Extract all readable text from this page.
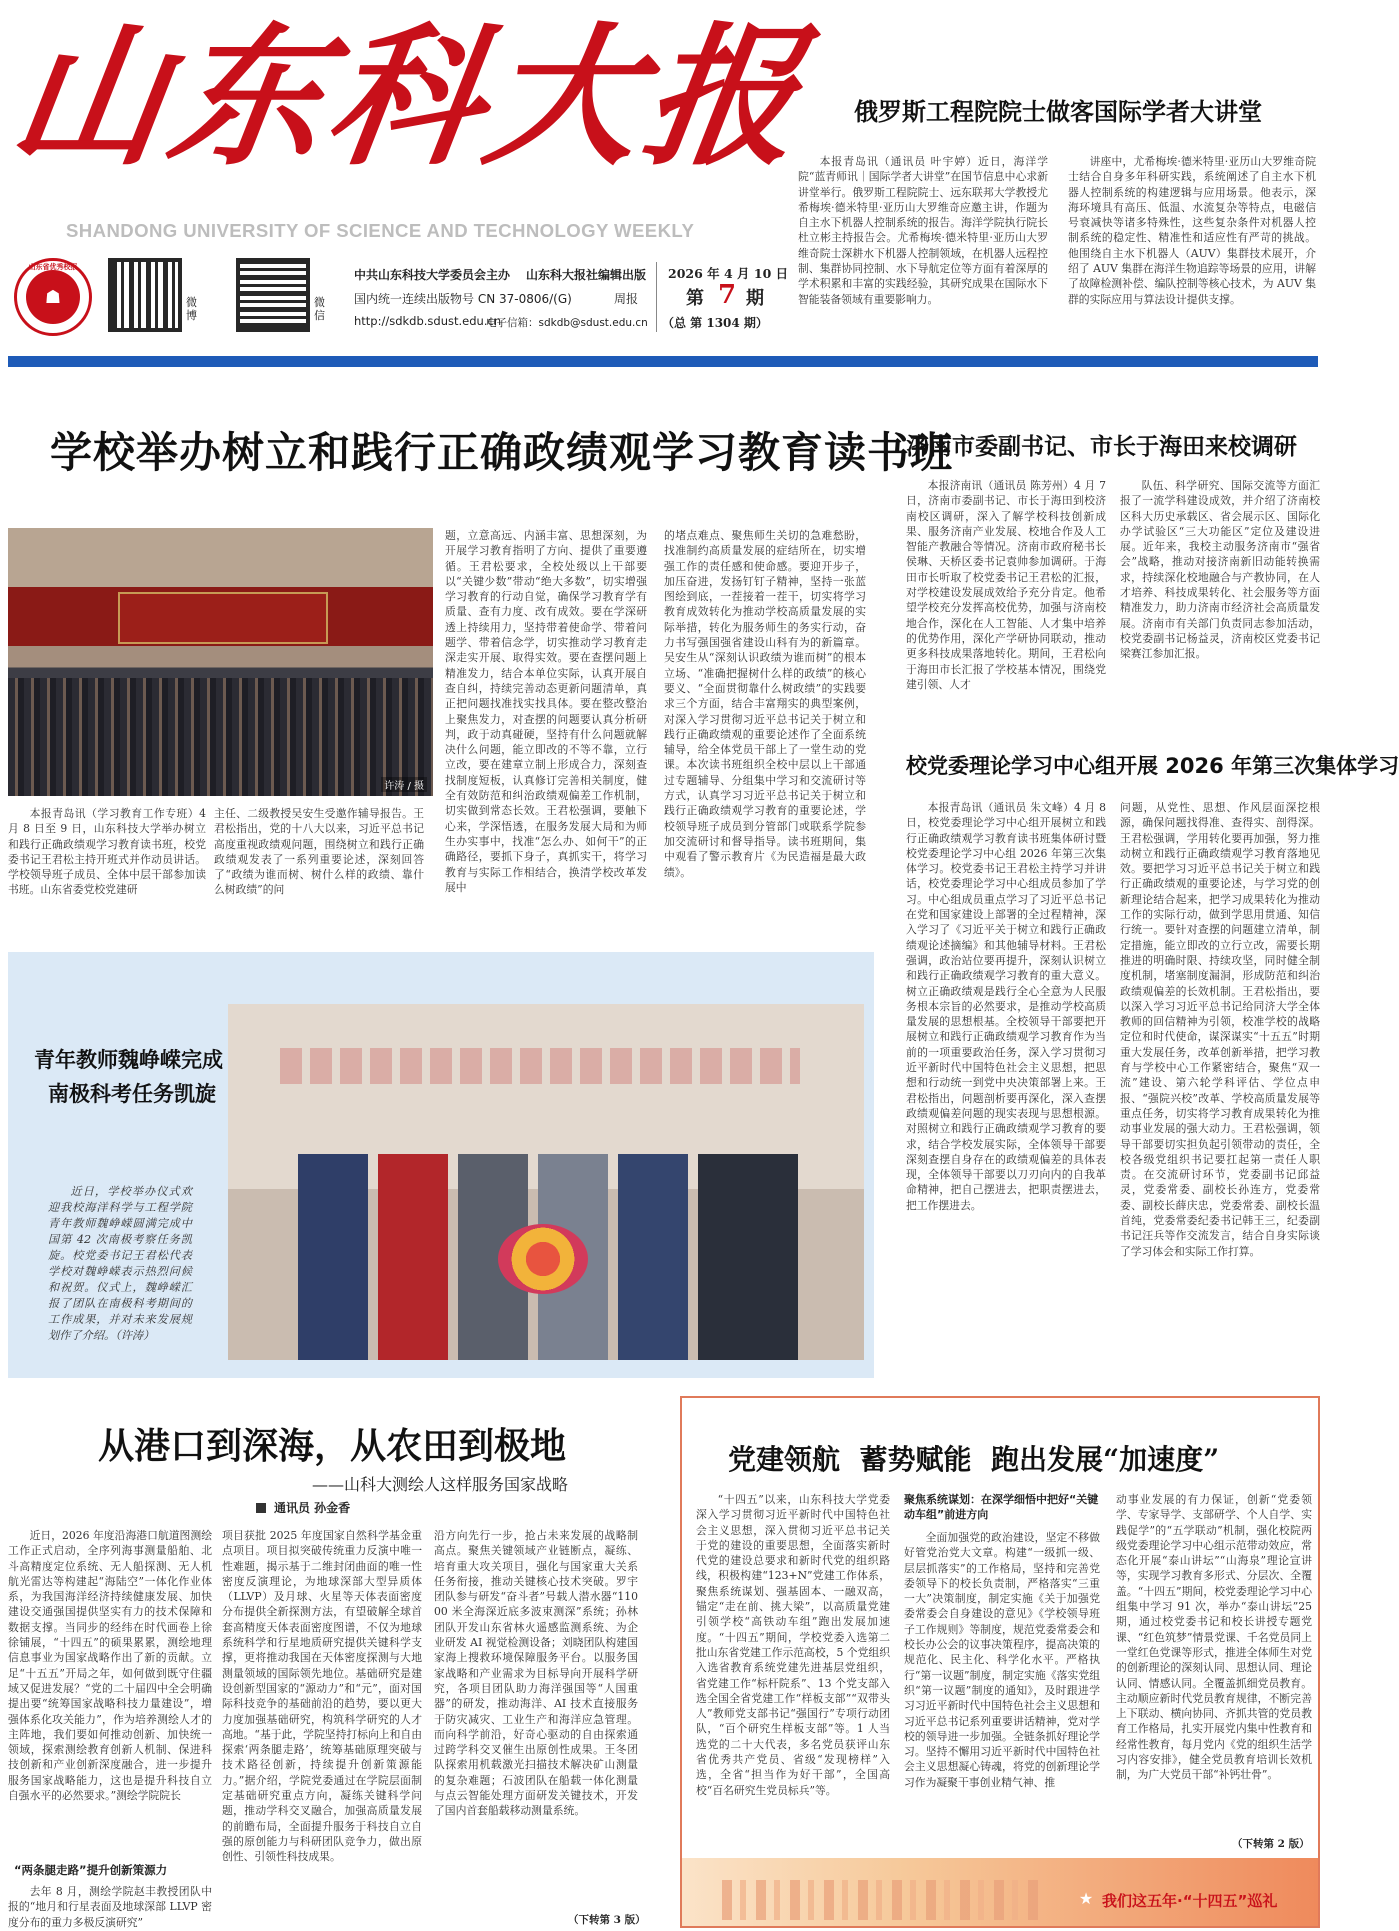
山东科大报
SHANDONG UNIVERSITY OF SCIENCE AND TECHNOLOGY WEEKLY
☗
山东省优秀校报
微博
微信
中共山东科技大学委员会主办 山东科大报社编辑出版
国内统一连续出版物号 CN 37-0806/(G)	周报
http://sdkdb.sdust.edu.cn
电子信箱：sdkdb@sdust.edu.cn
2026 年 4 月 10 日
第 7 期
（总 第 1304 期）
俄罗斯工程院院士做客国际学者大讲堂
本报青岛讯（通讯员 叶宇婷）近日，海洋学院“蓝青师讯｜国际学者大讲堂”在国节信息中心求新讲堂举行。俄罗斯工程院院士、远东联邦大学教授尤希梅埃·德米特里·亚历山大罗维奇应邀主讲，作题为自主水下机器人控制系统的报告。海洋学院执行院长杜立彬主持报告会。尤希梅埃·德米特里·亚历山大罗维奇院士深耕水下机器人控制领域，在机器人远程控制、集群协同控制、水下导航定位等方面有着深厚的学术积累和丰富的实践经验，其研究成果在国际水下智能装备领域有重要影响力。
讲座中，尤希梅埃·德米特里·亚历山大罗维奇院士结合自身多年科研实践，系统阐述了自主水下机器人控制系统的构建逻辑与应用场景。他表示，深海环境具有高压、低温、水流复杂等特点，电磁信号衰减快等诸多特殊性，这些复杂条件对机器人控制系统的稳定性、精准性和适应性有严苛的挑战。他围绕自主水下机器人（AUV）集群技术展开，介绍了 AUV 集群在海洋生物追踪等场景的应用，讲解了故障检测补偿、编队控制等核心技术，为 AUV 集群的实际应用与算法设计提供支撑。
学校举办树立和践行正确政绩观学习教育读书班
许涛 / 摄
本报青岛讯（学习教育工作专班）4 月 8 日至 9 日，山东科技大学举办树立和践行正确政绩观学习教育读书班，校党委书记王君松主持开班式并作动员讲话。学校领导班子成员、全体中层干部参加读书班。山东省委党校党建研
主任、二级教授吴安生受邀作辅导报告。王君松指出，党的十八大以来，习近平总书记高度重视政绩观问题，围绕树立和践行正确政绩观发表了一系列重要论述，深刻回答了“政绩为谁而树、树什么样的政绩、靠什么树政绩”的问
题，立意高远、内涵丰富、思想深刻，为开展学习教育指明了方向、提供了重要遵循。王君松要求，全校处级以上干部要以“关键少数”带动“绝大多数”，切实增强学习教育的行动自觉，确保学习教育学有质量、查有力度、改有成效。要在学深研透上持续用力，坚持带着使命学、带着问题学、带着信念学，切实推动学习教育走深走实开展、取得实效。要在查摆问题上精准发力，结合本单位实际，认真开展自查自纠，持续完善动态更新问题清单，真正把问题找准找实找具体。要在整改整治上聚焦发力，对查摆的问题要认真分析研判，政于动真碰硬，坚持有什么问题就解决什么问题，能立即改的不等不靠，立行立改，要在建章立制上形成合力，深刻查找制度短板，认真修订完善相关制度，健全有效防范和纠治政绩观偏差工作机制，切实做到常态长效。王君松强调，要触下心来，学深悟透，在服务发展大局和为师生办实事中，找准“怎么办、如何干”的正确路径，要抓下身子，真抓实干，将学习教育与实际工作相结合，换清学校改革发展中
的堵点难点、聚焦师生关切的急难愁盼，找准制约高质量发展的症结所在，切实增强工作的责任感和使命感。要迎开步子，加压奋进，发扬钉钉子精神，坚持一张蓝图绘到底，一茬接着一茬干，切实将学习教育成效转化为推动学校高质量发展的实际举措，转化为服务师生的务实行动，奋力书写强国强省建设山科有为的新篇章。吴安生从“深刻认识政绩为谁而树”的根本立场、“准确把握树什么样的政绩”的核心要义、“全面贯彻靠什么树政绩”的实践要求三个方面，结合丰富翔实的典型案例，对深入学习贯彻习近平总书记关于树立和践行正确政绩观的重要论述作了全面系统辅导，给全体党员干部上了一堂生动的党课。本次读书班组织全校中层以上干部通过专题辅导、分组集中学习和交流研讨等方式，认真学习习近平总书记关于树立和践行正确政绩观学习教育的重要论述，学校领导班子成员到分管部门或联系学院参加交流研讨和督导指导。读书班期间，集中观看了警示教育片《为民造福是最大政绩》。
济南市委副书记、市长于海田来校调研
本报济南讯（通讯员 陈芳州）4 月 7 日，济南市委副书记、市长于海田到校济南校区调研，深入了解学校科技创新成果、服务济南产业发展、校地合作及人工智能产教融合等情况。济南市政府秘书长侯琳、天桥区委书记袁帅参加调研。于海田市长听取了校党委书记王君松的汇报，对学校建设发展成效给予充分肯定。他希望学校充分发挥高校优势，加强与济南校地合作，深化在人工智能、人才集中培养的优势作用，深化产学研协同联动，推动更多科技成果落地转化。期间，王君松向于海田市长汇报了学校基本情况，围绕党建引领、人才
队伍、科学研究、国际交流等方面汇报了一流学科建设成效，并介绍了济南校区科大历史承载区、省会展示区、国际化办学试验区“三大功能区”定位及建设进展。近年来，我校主动服务济南市“强省会”战略，推动对接济南新旧动能转换需求，持续深化校地融合与产教协同，在人才培养、科技成果转化、社会服务等方面精准发力，助力济南市经济社会高质量发展。济南市有关部门负责同志参加活动，校党委副书记杨益灵，济南校区党委书记梁赛江参加汇报。
校党委理论学习中心组开展 2026 年第三次集体学习
本报青岛讯（通讯员 朱文峰）4 月 8 日，校党委理论学习中心组开展树立和践行正确政绩观学习教育读书班集体研讨暨校党委理论学习中心组 2026 年第三次集体学习。校党委书记王君松主持学习并讲话，校党委理论学习中心组成员参加了学习。中心组成员重点学习了习近平总书记在党和国家建设上部署的全过程精神，深入学习了《习近平关于树立和践行正确政绩观论述摘编》和其他辅导材料。王君松强调，政治站位要再提升，深刻认识树立和践行正确政绩观学习教育的重大意义。树立正确政绩观是践行全心全意为人民服务根本宗旨的必然要求，是推动学校高质量发展的思想根基。全校领导干部要把开展树立和践行正确政绩观学习教育作为当前的一项重要政治任务，深入学习贯彻习近平新时代中国特色社会主义思想，把思想和行动统一到党中央决策部署上来。王君松指出，问题剖析要再深化，深入查摆政绩观偏差问题的现实表现与思想根源。对照树立和践行正确政绩观学习教育的要求，结合学校发展实际，全体领导干部要深刻查摆自身存在的政绩观偏差的具体表现，全体领导干部要以刀刃向内的自我革命精神，把自己摆进去，把职责摆进去，把工作摆进去。
问题，从党性、思想、作风层面深挖根源，确保问题找得准、查得实、剖得深。王君松强调，学用转化要再加强，努力推动树立和践行正确政绩观学习教育落地见效。要把学习习近平总书记关于树立和践行正确政绩观的重要论述，与学习党的创新理论结合起来，把学习成果转化为推动工作的实际行动，做到学思用贯通、知信行统一。要针对查摆的问题建立清单，制定措施，能立即改的立行立改，需要长期推进的明确时限、持续攻坚，同时健全制度机制，堵塞制度漏洞，形成防范和纠治政绩观偏差的长效机制。王君松指出，要以深入学习习近平总书记给同济大学全体教师的回信精神为引领，校准学校的战略定位和时代使命，谋深谋实“十五五”时期重大发展任务，改革创新举措，把学习教育与学校中心工作紧密结合，聚焦“双一流”建设、第六轮学科评估、学位点申报、“强院兴校”改革、学校高质量发展等重点任务，切实将学习教育成果转化为推动事业发展的强大动力。王君松强调，领导干部要切实担负起引领带动的责任，全校各级党组织书记要扛起第一责任人职责。在交流研讨环节，党委副书记邱益灵，党委常委、副校长孙连方，党委常委、副校长薛庆忠，党委常委、副校长温首纯，党委常委纪委书记韩王三，纪委副书记汪兵等作交流发言，结合自身实际谈了学习体会和实际工作打算。
青年教师魏峥嵘完成
南极科考任务凯旋
近日，学校举办仪式欢迎我校海洋科学与工程学院青年教师魏峥嵘圆满完成中国第 42 次南极考察任务凯旋。校党委书记王君松代表学校对魏峥嵘表示热烈问候和祝贺。仪式上，魏峥嵘汇报了团队在南极科考期间的工作成果，并对未来发展规划作了介绍。（许涛）
从港口到深海，从农田到极地
——山科大测绘人这样服务国家战略
通讯员 孙金香
近日，2026 年度沿海港口航道图测绘工作正式启动，全序列海事测量船舶、北斗高精度定位系统、无人船探测、无人机航光雷达等构建起“海陆空”一体化作业体系，为我国海洋经济持续健康发展、加快建设交通强国提供坚实有力的技术保障和数据支撑。当同步的经纬在时代画卷上徐徐铺展，“十四五”的硕果累累，测绘地理信息事业为国家战略作出了新的贡献。立足“十五五”开局之年，如何做到既守住疆域又促进发展？“党的二十届四中全会明确提出要“统筹国家战略科技力量建设”，增强体系化攻关能力”，作为培养测绘人才的主阵地，我们要如何推动创新、加快统一领域，探索测绘教育创新人机制、保进科技创新和产业创新深度融合，进一步提升服务国家战略能力，这也是提升科技自立自强水平的必然要求。”测绘学院院长
“两条腿走路”提升创新策源力
去年 8 月，测绘学院赵丰教授团队中报的“地月和行星表面及地球深部 LLVP 密度分布的重力多极反演研究”
项目获批 2025 年度国家自然科学基金重点项目。项目拟突破传统重力反演中唯一性难题，揭示基于二维封闭曲面的唯一性密度反演理论，为地球深部大型异质体（LLVP）及月球、火星等天体表面密度分布提供全新探测方法，有望破解全球首套高精度天体表面密度图谱，不仅为地球系统科学和行星地质研究提供关键科学支撑，更将推动我国在天体密度探测与大地测量领域的国际领先地位。基础研究是建设创新型国家的“源动力”和“元”，面对国际科技竞争的基础前沿的趋势，要以更大力度加强基础研究，构筑科学研究的人才高地。“基于此，学院坚持打标向上和自由探索‘两条腿走路’，统筹基础原理突破与技术路径创新，持续提升创新策源能力。”据介绍，学院党委通过在学院层面制定基础研究重点方向，凝练关键科学问题，推动学科交叉融合，加强高质量发展的前瞻布局，全面提升服务于科技自立自强的原创能力与科研团队竞争力，做出原创性、引领性科技成果。
沿方向先行一步，抢占未来发展的战略制高点。聚焦关键领域产业链断点，凝练、培育重大攻关项目，强化与国家重大关系任务衔接，推动关键核心技术突破。罗宇团队参与研发“奋斗者”号载人潜水器“11000 米全海深近底多波束测深”系统；孙林团队开发山东省林火遥感监测系统、为企业研发 AI 视觉检测设备；刘晓团队构建国家海上搜救环境保障服务平台。以服务国家战略和产业需求为目标导向开展科学研究，各项目团队助力海洋强国等“人国重器”的研发，推动海洋、AI 技术直接服务于防灾减灾、工业生产和海洋应急管理。而向科学前沿，好奇心驱动的自由探索通过跨学科交叉催生出原创性成果。王冬团队探索用机载激光扫描技术解决矿山测量的复杂难题；石波团队在船载一体化测量与点云智能处理方面研发关键技术，开发了国内首套船载移动测量系统。
（下转第 3 版）
党建领航  蓄势赋能  跑出发展“加速度”
“十四五”以来，山东科技大学党委深入学习贯彻习近平新时代中国特色社会主义思想，深入贯彻习近平总书记关于党的建设的重要思想，全面落实新时代党的建设总要求和新时代党的组织路线，积极构建“123+N”党建工作体系，聚焦系统谋划、强基固本、一融双高，锚定“走在前、挑大梁”，以高质量党建引领学校“高铁动车组”跑出发展加速度。“十四五”期间，学校党委入选第二批山东省党建工作示范高校，5 个党组织入选省教育系统党建先进基层党组织，省党建工作“标杆院系”、13 个党支部入选全国全省党建工作“样板支部”“双带头人”教师党支部书记“强国行”专项行动团队，“百个研究生样板支部”等。1 人当选党的二十大代表，多名党员获评山东省优秀共产党员、省级“发现榜样”入选，全省“担当作为好干部”，全国高校“百名研究生党员标兵”等。
聚焦系统谋划：在深学细悟中把好“关键动车组”前进方向
全面加强党的政治建设，坚定不移做好管党治党大文章。构建“一级抓一级、层层抓落实”的工作格局，坚持和完善党委领导下的校长负责制，严格落实“三重一大”决策制度，制定实施《关于加强党委常委会自身建设的意见》《学校领导班子工作规则》等制度，规范党委常委会和校长办公会的议事决策程序，提高决策的规范化、民主化、科学化水平。严格执行“第一议题”制度，制定实施《落实党组织“第一议题”制度的通知》，及时跟进学习习近平新时代中国特色社会主义思想和习近平总书记系列重要讲话精神，党对学校的领导进一步加强。全链条抓好理论学习。坚持不懈用习近平新时代中国特色社会主义思想凝心铸魂，将党的创新理论学习作为凝聚干事创业精气神、推
动事业发展的有力保证，创新“党委领学、专家导学、支部研学、个人自学、实践促学”的“五学联动”机制，强化校院两级党委理论学习中心组示范带动效应，常态化开展“泰山讲坛”“山海泉”理论宣讲等，实现学习教育多形式、分层次、全覆盖。“十四五”期间，校党委理论学习中心组集中学习 91 次，举办“泰山讲坛”25 期，通过校党委书记和校长讲授专题党课、“红色筑梦”情景党课、千名党员同上一堂红色党课等形式，推进全体师生对党的创新理论的深刻认同、思想认同、理论认同、情感认同。全覆盖抓细党员教育。主动顺应新时代党员教育规律，不断完善上下联动、横向协同、齐抓共管的党员教育工作格局，扎实开展党内集中性教育和经常性教育，每月党内《党的组织生活学习内容安排》，健全党员教育培训长效机制，为广大党员干部“补钙壮骨”。
（下转第 2 版）
★ 我们这五年·“十四五”巡礼
